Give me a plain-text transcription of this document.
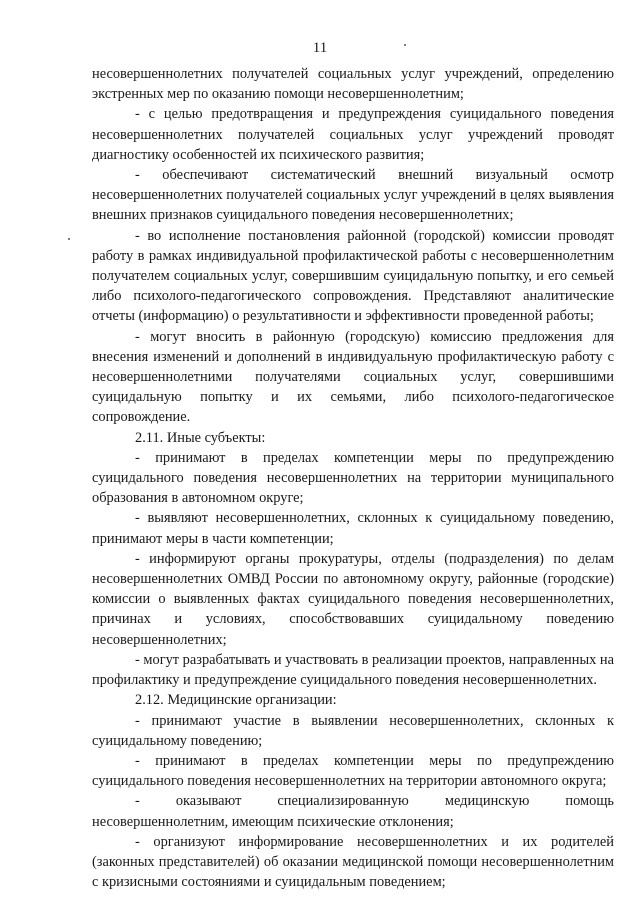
11

несовершеннолетних получателей социальных услуг учреждений, определению экстренных мер по оказанию помощи несовершеннолетним;

- с целью предотвращения и предупреждения суицидального поведения несовершеннолетних получателей социальных услуг учреждений проводят диагностику особенностей их психического развития;

- обеспечивают систематический внешний визуальный осмотр несовершеннолетних получателей социальных услуг учреждений в целях выявления внешних признаков суицидального поведения несовершеннолетних;

- во исполнение постановления районной (городской) комиссии проводят работу в рамках индивидуальной профилактической работы с несовершеннолетним получателем социальных услуг, совершившим суицидальную попытку, и его семьей либо психолого-педагогического сопровождения. Представляют аналитические отчеты (информацию) о результативности и эффективности проведенной работы;

- могут вносить в районную (городскую) комиссию предложения для внесения изменений и дополнений в индивидуальную профилактическую работу с несовершеннолетними получателями социальных услуг, совершившими суицидальную попытку и их семьями, либо психолого-педагогическое сопровождение.

2.11. Иные субъекты:

- принимают в пределах компетенции меры по предупреждению суицидального поведения несовершеннолетних на территории муниципального образования в автономном округе;

- выявляют несовершеннолетних, склонных к суицидальному поведению, принимают меры в части компетенции;

- информируют органы прокуратуры, отделы (подразделения) по делам несовершеннолетних ОМВД России по автономному округу, районные (городские) комиссии о выявленных фактах суицидального поведения несовершеннолетних, причинах и условиях, способствовавших суицидальному поведению несовершеннолетних;

- могут разрабатывать и участвовать в реализации проектов, направленных на профилактику и предупреждение суицидального поведения несовершеннолетних.

2.12. Медицинские организации:

- принимают участие в выявлении несовершеннолетних, склонных к суицидальному поведению;

- принимают в пределах компетенции меры по предупреждению суицидального поведения несовершеннолетних на территории автономного округа;

- оказывают специализированную медицинскую помощь несовершеннолетним, имеющим психические отклонения;

- организуют информирование несовершеннолетних и их родителей (законных представителей) об оказании медицинской помощи несовершеннолетним с кризисными состояниями и суицидальным поведением;
